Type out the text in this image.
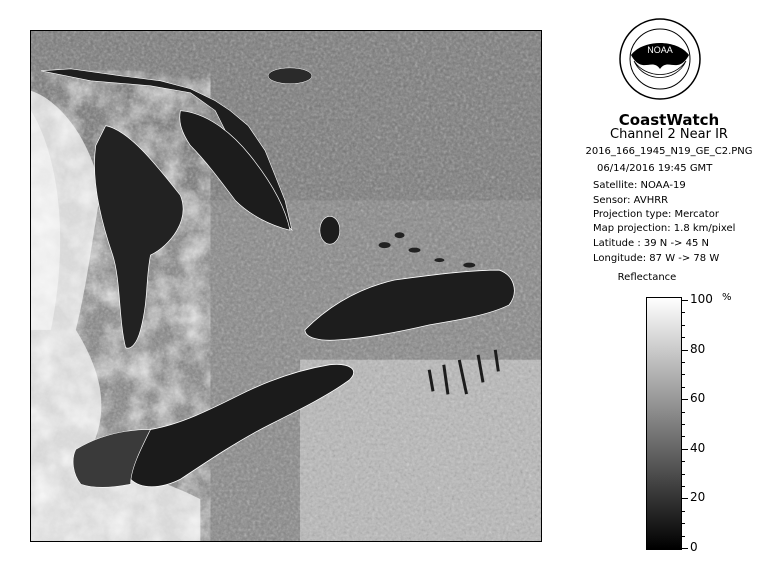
NOAA
CoastWatch
Channel 2 Near IR
2016_166_1945_N19_GE_C2.PNG
06/14/2016 19:45 GMT
Satellite: NOAA-19
Sensor: AVHRR
Projection type: Mercator
Map projection: 1.8 km/pixel
Latitude : 39 N -> 45 N
Longitude: 87 W -> 78 W
Reflectance
%
100
80
60
40
20
0
